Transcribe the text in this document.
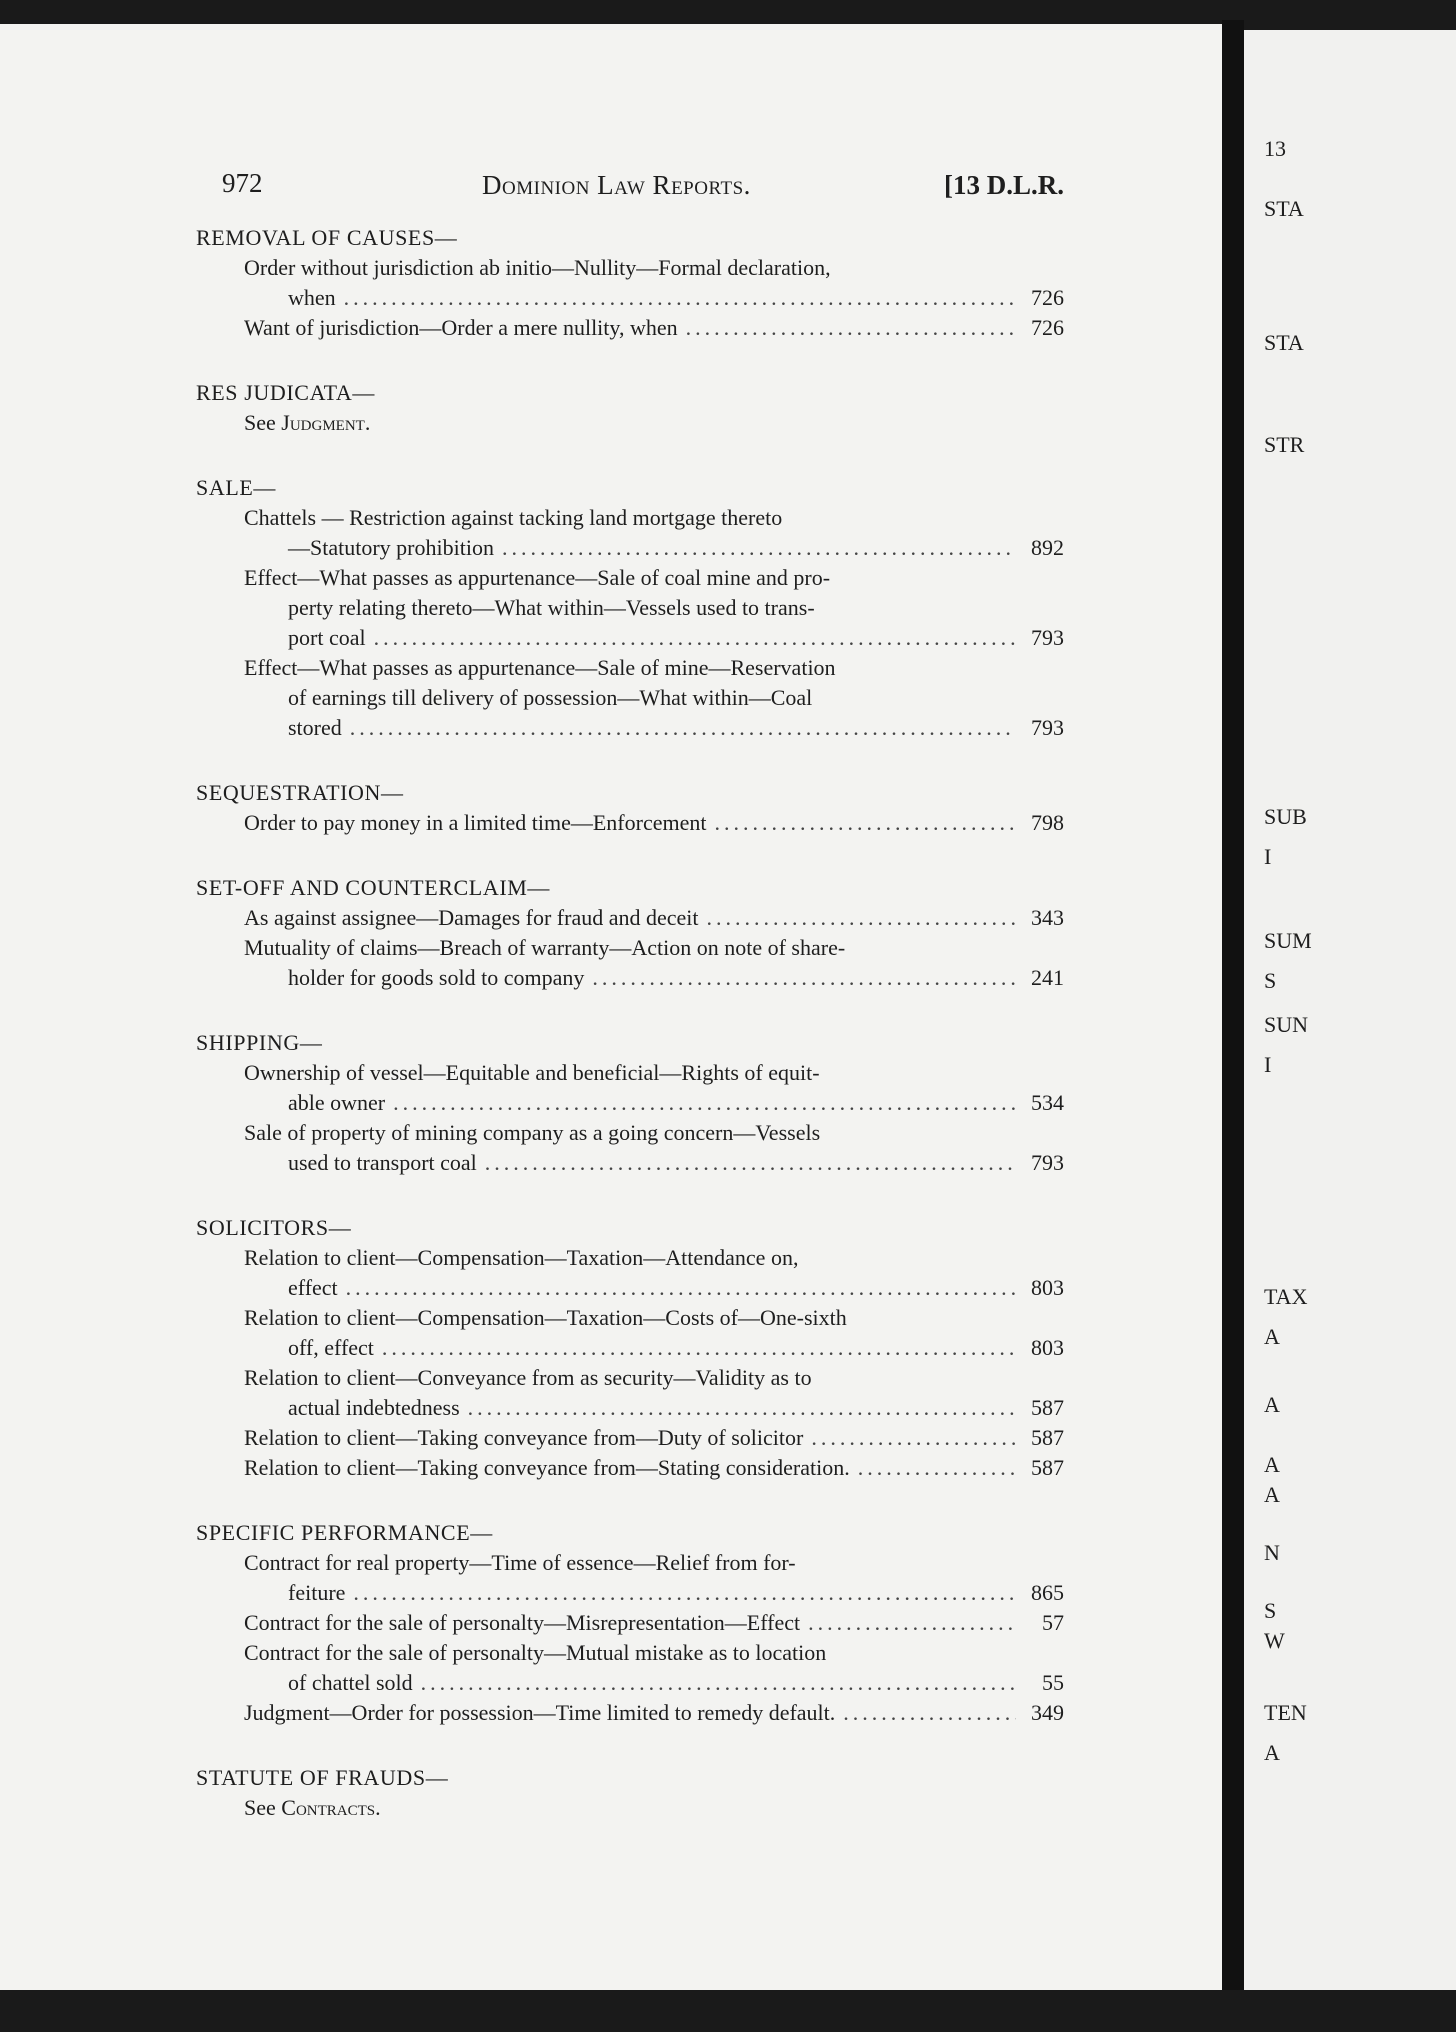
13
STA
STA
STR
SUB
I
SUM
S
SUN
I
TAX
A
A
A
A
N
S
W
TEN
A
972	Dominion Law Reports.	[13 D.L.R.
REMOVAL OF CAUSES—
Order without jurisdiction ab initio—Nullity—Formal declaration,
when .....	726
Want of jurisdiction—Order a mere nullity, when .....	726
RES JUDICATA—
See Judgment.
SALE—
Chattels — Restriction against tacking land mortgage thereto
—Statutory prohibition .....	892
Effect—What passes as appurtenance—Sale of coal mine and pro-
perty relating thereto—What within—Vessels used to trans-
port coal .....	793
Effect—What passes as appurtenance—Sale of mine—Reservation
of earnings till delivery of possession—What within—Coal
stored .....	793
SEQUESTRATION—
Order to pay money in a limited time—Enforcement .....	798
SET-OFF AND COUNTERCLAIM—
As against assignee—Damages for fraud and deceit .....	343
Mutuality of claims—Breach of warranty—Action on note of share-
holder for goods sold to company .....	241
SHIPPING—
Ownership of vessel—Equitable and beneficial—Rights of equit-
able owner .....	534
Sale of property of mining company as a going concern—Vessels
used to transport coal .....	793
SOLICITORS—
Relation to client—Compensation—Taxation—Attendance on,
effect .....	803
Relation to client—Compensation—Taxation—Costs of—One-sixth
off, effect .....	803
Relation to client—Conveyance from as security—Validity as to
actual indebtedness .....	587
Relation to client—Taking conveyance from—Duty of solicitor .....	587
Relation to client—Taking conveyance from—Stating consideration. .....	587
SPECIFIC PERFORMANCE—
Contract for real property—Time of essence—Relief from for-
feiture .....	865
Contract for the sale of personalty—Misrepresentation—Effect .....	57
Contract for the sale of personalty—Mutual mistake as to location
of chattel sold .....	55
Judgment—Order for possession—Time limited to remedy default. .....	349
STATUTE OF FRAUDS—
See Contracts.
